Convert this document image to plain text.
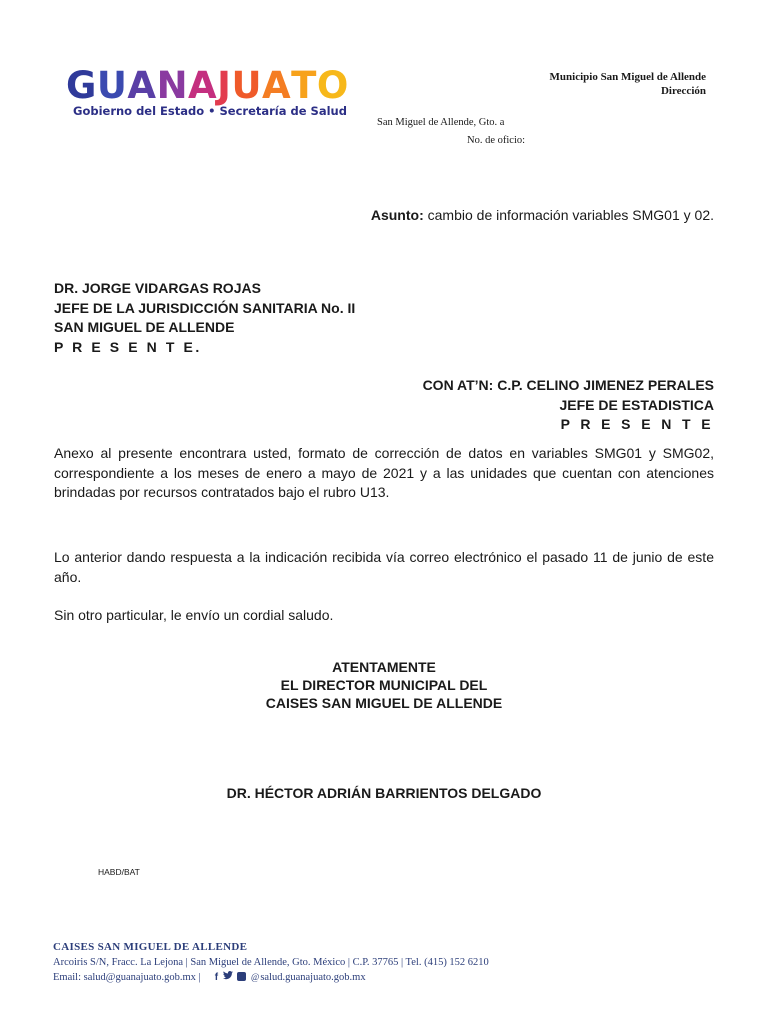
GUANAJUATO
Gobierno del Estado • Secretaría de Salud
Municipio San Miguel de Allende
Dirección
San Miguel de Allende, Gto. a
No. de oficio:
Asunto: cambio de información variables SMG01 y 02.
DR. JORGE VIDARGAS ROJAS
JEFE DE LA JURISDICCIÓN SANITARIA No. II
SAN MIGUEL DE ALLENDE
P R E S E N T E.
CON AT’N: C.P. CELINO JIMENEZ PERALES
JEFE DE ESTADISTICA
P R E S E N T E

Anexo al presente encontrara usted, formato de corrección de datos en variables SMG01 y SMG02, correspondiente a los meses de enero a mayo de 2021 y a las unidades que cuentan con atenciones brindadas por recursos contratados bajo el rubro U13.

Lo anterior dando respuesta a la indicación recibida vía correo electrónico el pasado 11 de junio de este año.

Sin otro particular, le envío un cordial saludo.

ATENTAMENTE
EL DIRECTOR MUNICIPAL DEL
CAISES SAN MIGUEL DE ALLENDE
DR. HÉCTOR ADRIÁN BARRIENTOS DELGADO
HABD/BAT
CAISES SAN MIGUEL DE ALLENDE
Arcoiris S/N, Fracc. La Lejona | San Miguel de Allende, Gto. México | C.P. 37765 | Tel. (415) 152 6210
Email: salud@guanajuato.gob.mx | f	@salud.guanajuato.gob.mx
